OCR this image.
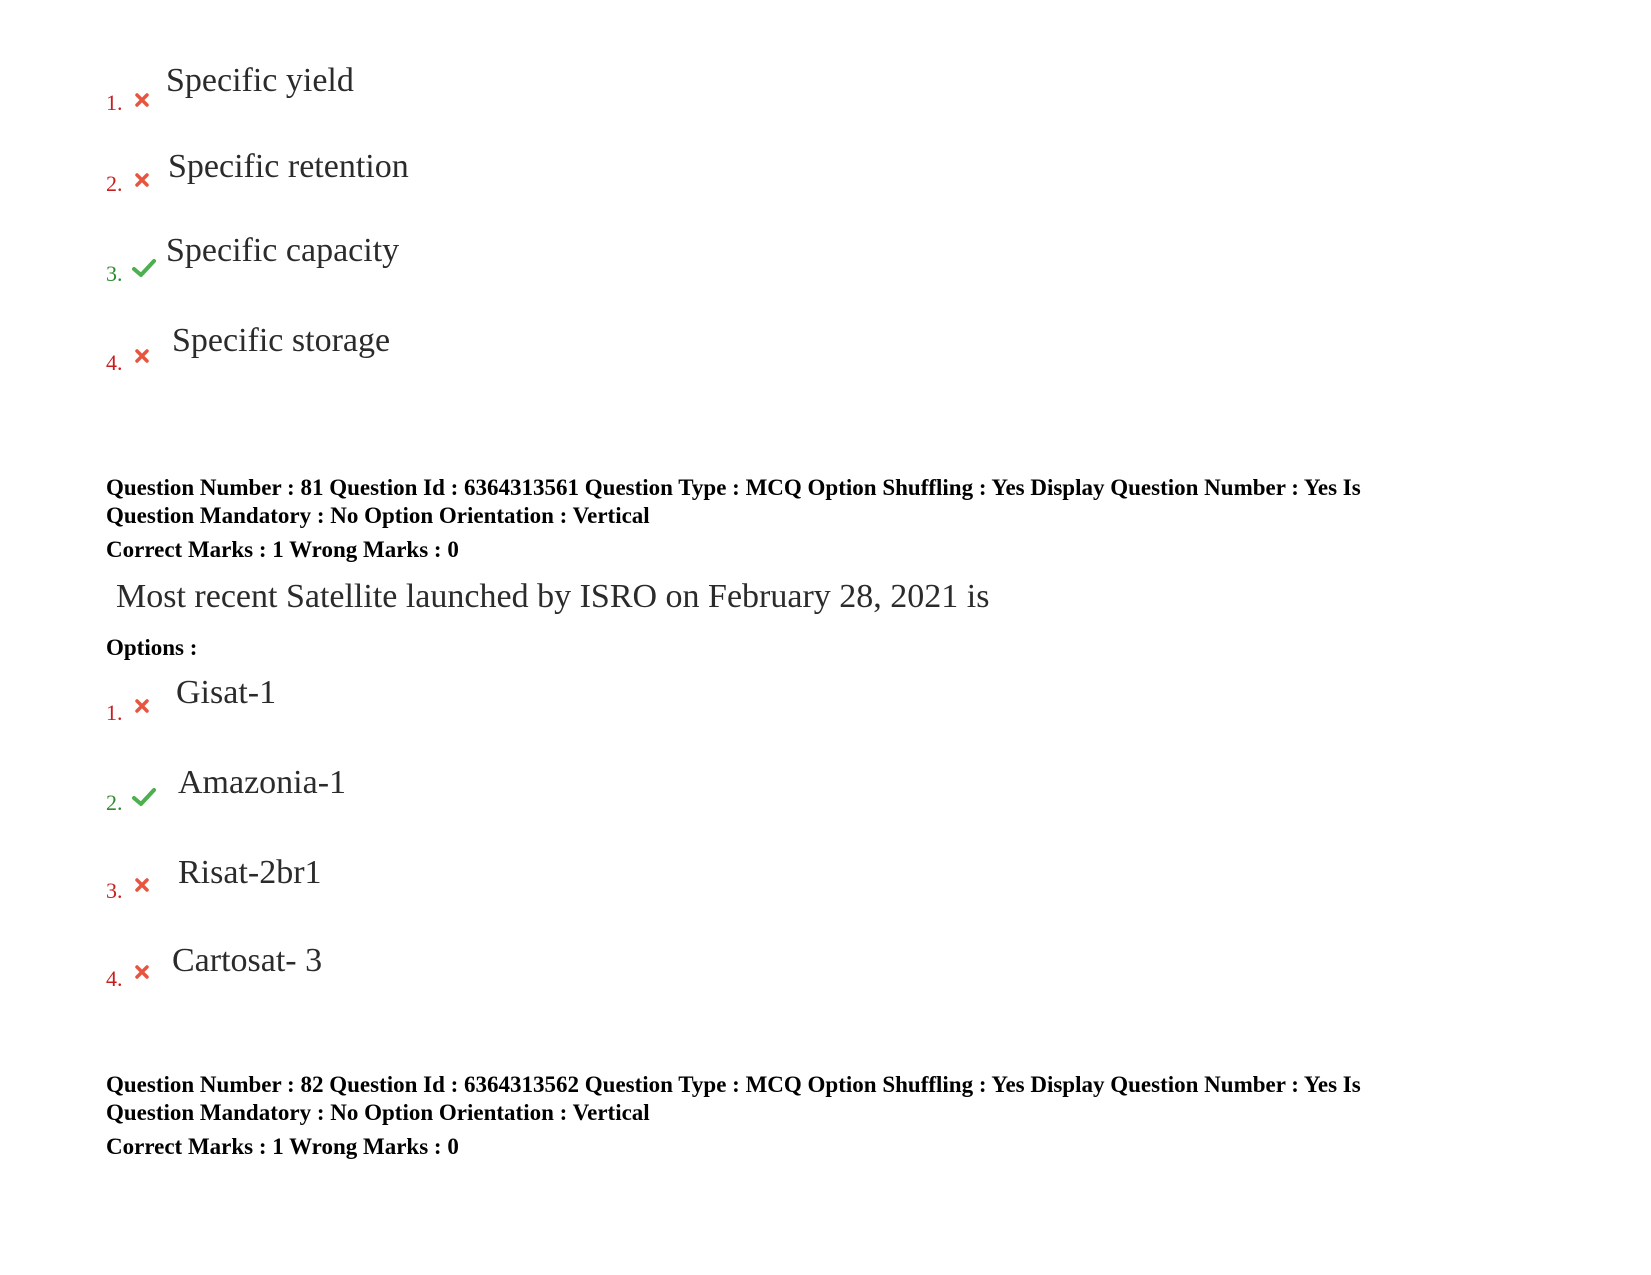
1.
Specific yield
2. Specific retention
3.
Specific capacity
4.
Specific storage
Question Number : 81 Question Id : 6364313561 Question Type : MCQ Option Shuffling : Yes Display Question Number : Yes Is
Question Mandatory : No Option Orientation : Vertical
Correct Marks : 1 Wrong Marks : 0
Most recent Satellite launched by ISRO on February 28, 2021 is
Options :
1.
Gisat-1
2.
Amazonia-1
3. Risat-2br1
4. Cartosat- 3
Question Number : 82 Question Id : 6364313562 Question Type : MCQ Option Shuffling : Yes Display Question Number : Yes Is
Question Mandatory : No Option Orientation : Vertical
Correct Marks : 1 Wrong Marks : 0
